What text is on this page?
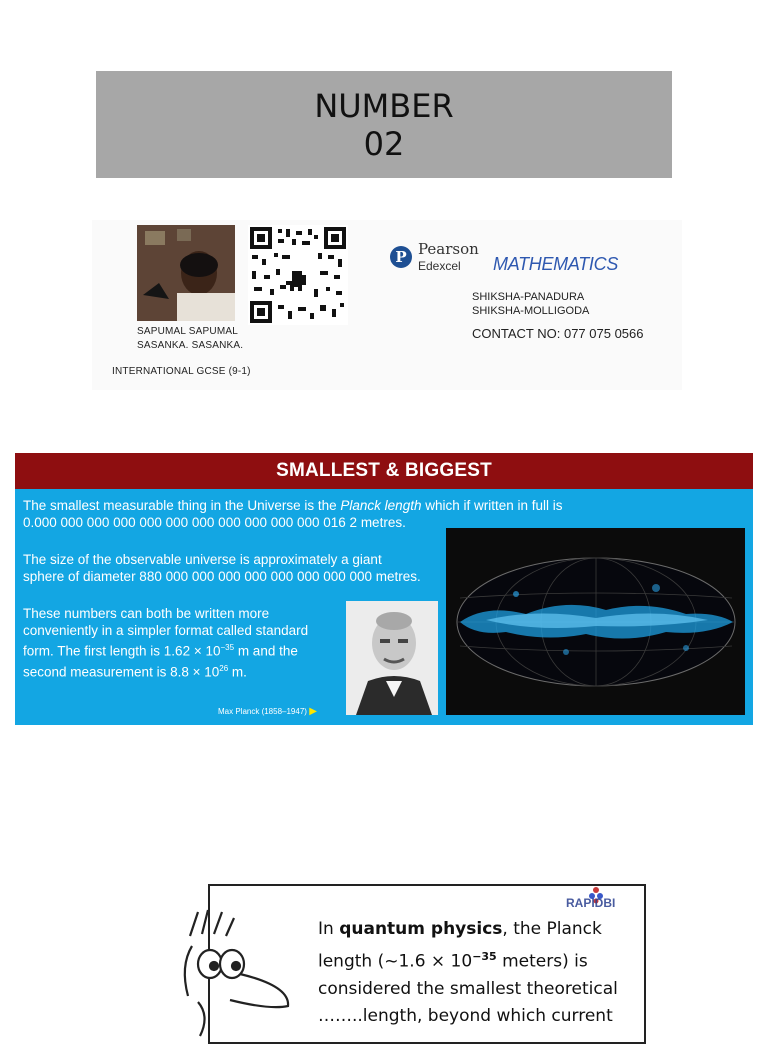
NUMBER
02
SAPUMAL SAPUMAL
SASANKA. SASANKA.
INTERNATIONAL GCSE (9-1)
P Pearson
Edexcel MATHEMATICS
SHIKSHA-PANADURA
SHIKSHA-MOLLIGODA
CONTACT NO: 077 075 0566
SMALLEST & BIGGEST
The smallest measurable thing in the Universe is the Planck length which if written in full is
0.000 000 000 000 000 000 000 000 000 000 000 016 2 metres.
The size of the observable universe is approximately a giant
sphere of diameter 880 000 000 000 000 000 000 000 000 metres.
These numbers can both be written more
conveniently in a simpler format called standard
form. The first length is $1.62 \times 10^{-35}$ m and the
second measurement is $8.8 \times 10^{26}$ m.
Max Planck (1858–1947) ▶
In quantum physics, the Planck
length (~1.6 × $10^{-35}$ meters) is
considered the smallest theoretical
……..length, beyond which current
RAPIDBI
